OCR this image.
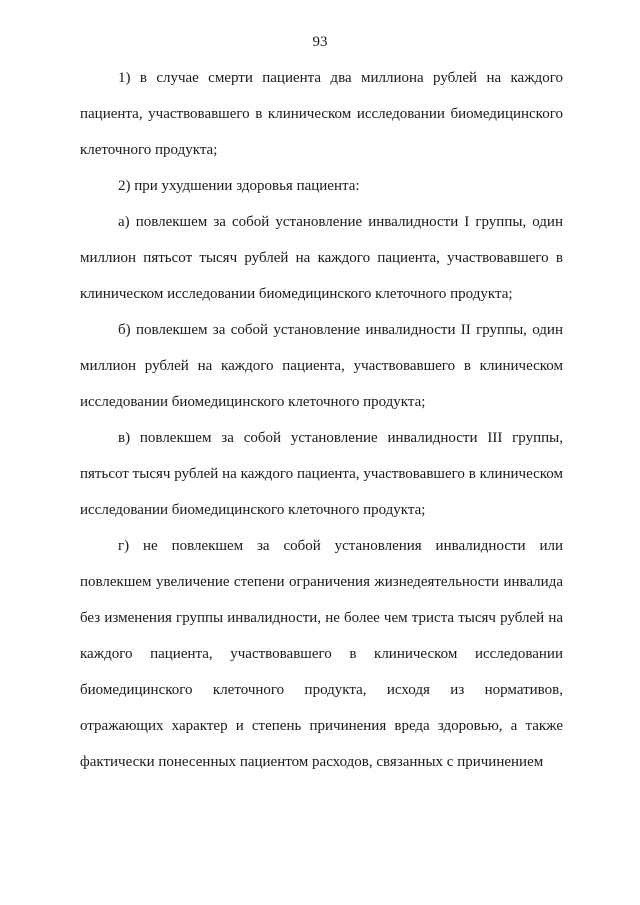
93

1) в случае смерти пациента два миллиона рублей на каждого пациента, участвовавшего в клиническом исследовании биомедицинского клеточного продукта;

2) при ухудшении здоровья пациента:

а) повлекшем за собой установление инвалидности I группы, один миллион пятьсот тысяч рублей на каждого пациента, участвовавшего в клиническом исследовании биомедицинского клеточного продукта;

б) повлекшем за собой установление инвалидности II группы, один миллион рублей на каждого пациента, участвовавшего в клиническом исследовании биомедицинского клеточного продукта;

в) повлекшем за собой установление инвалидности III группы, пятьсот тысяч рублей на каждого пациента, участвовавшего в клиническом исследовании биомедицинского клеточного продукта;

г) не повлекшем за собой установления инвалидности или повлекшем увеличение степени ограничения жизнедеятельности инвалида без изменения группы инвалидности, не более чем триста тысяч рублей на каждого пациента, участвовавшего в клиническом исследовании биомедицинского клеточного продукта, исходя из нормативов, отражающих характер и степень причинения вреда здоровью, а также фактически понесенных пациентом расходов, связанных с причинением
